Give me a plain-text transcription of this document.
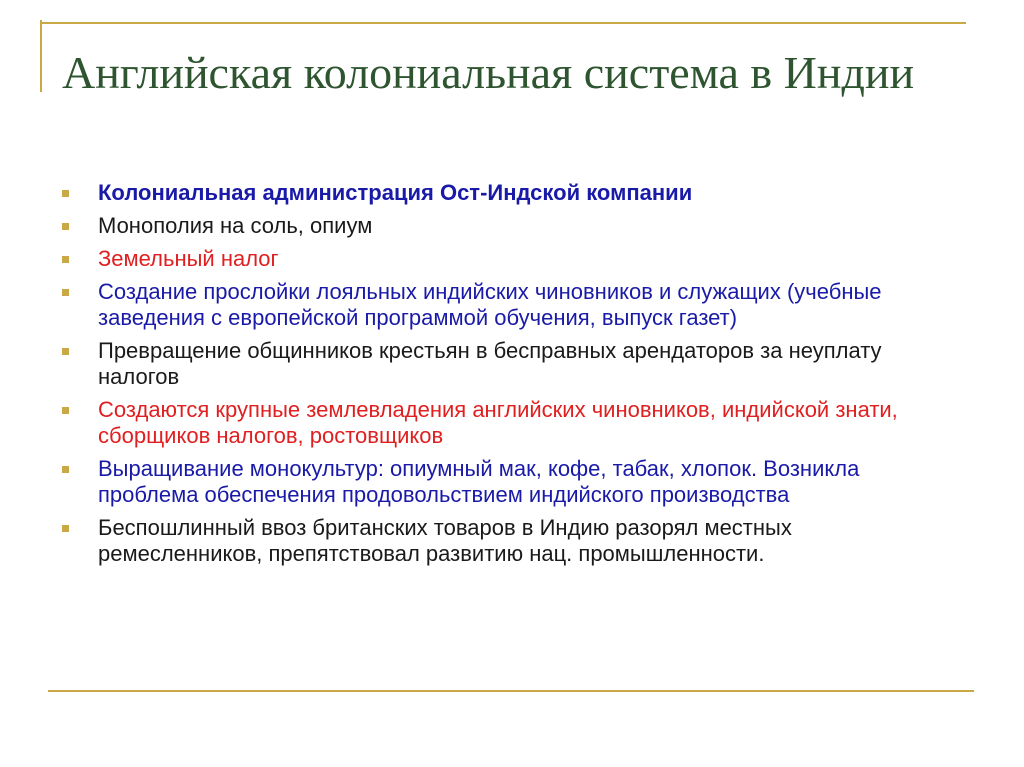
Английская колониальная система в Индии
Колониальная администрация Ост-Индской компании
Монополия на соль, опиум
Земельный налог
Создание прослойки лояльных индийских чиновников и служащих (учебные заведения с европейской программой обучения, выпуск газет)
Превращение общинников крестьян в бесправных арендаторов за неуплату налогов
Создаются крупные землевладения английских чиновников, индийской знати, сборщиков налогов, ростовщиков
Выращивание монокультур: опиумный мак, кофе, табак, хлопок. Возникла проблема обеспечения продовольствием индийского производства
Беспошлинный ввоз британских товаров в Индию разорял местных ремесленников, препятствовал развитию нац. промышленности.
